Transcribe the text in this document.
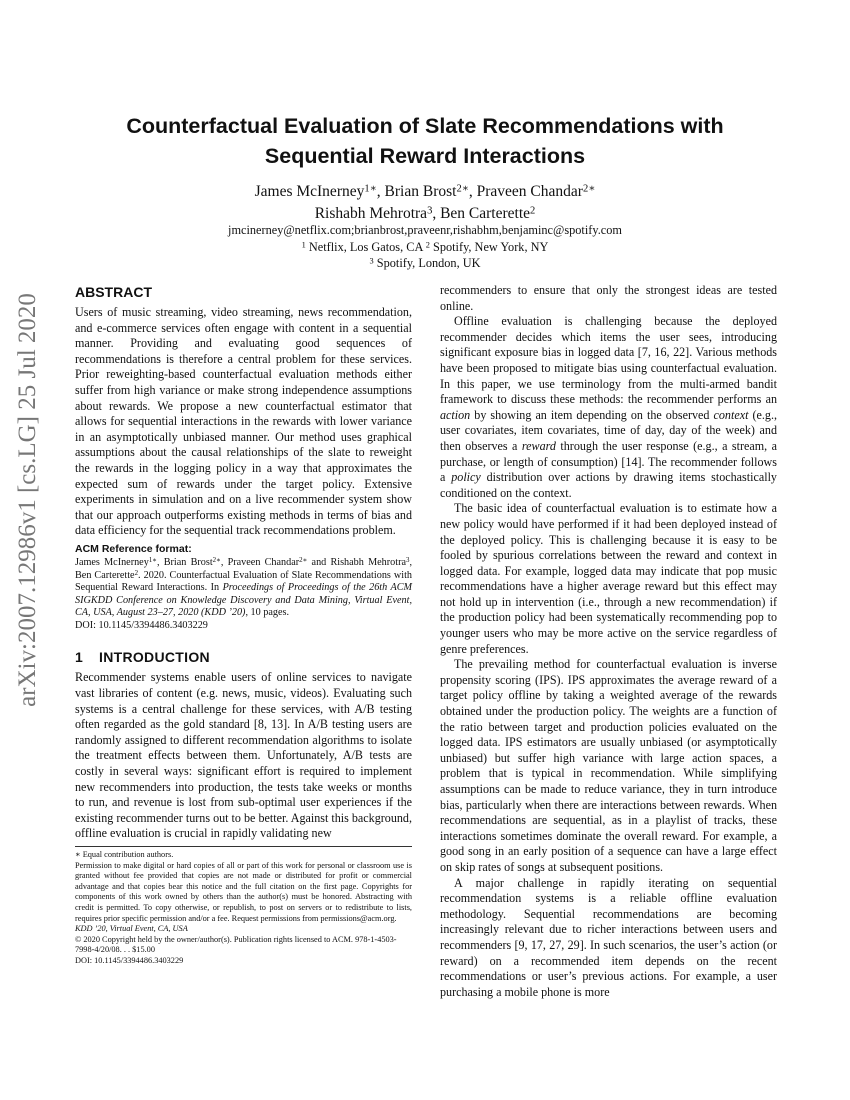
arXiv:2007.12986v1 [cs.LG] 25 Jul 2020
Counterfactual Evaluation of Slate Recommendations with
Sequential Reward Interactions
James McInerney$^{1∗}$, Brian Brost$^{2∗}$, Praveen Chandar$^{2∗}$
Rishabh Mehrotra$^3$, Ben Carterette$^2$
jmcinerney@netflix.com;brianbrost,praveenr,rishabhm,benjaminc@spotify.com
$^1$ Netflix, Los Gatos, CA $^2$ Spotify, New York, NY
$^3$ Spotify, London, UK
ABSTRACT

Users of music streaming, video streaming, news recommendation, and e-commerce services often engage with content in a sequential manner. Providing and evaluating good sequences of recommendations is therefore a central problem for these services. Prior reweighting-based counterfactual evaluation methods either suffer from high variance or make strong independence assumptions about rewards. We propose a new counterfactual estimator that allows for sequential interactions in the rewards with lower variance in an asymptotically unbiased manner. Our method uses graphical assumptions about the causal relationships of the slate to reweight the rewards in the logging policy in a way that approximates the expected sum of rewards under the target policy. Extensive experiments in simulation and on a live recommender system show that our approach outperforms existing methods in terms of bias and data efficiency for the sequential track recommendations problem.

ACM Reference format:

James McInerney$^{1∗}$, Brian Brost$^{2∗}$, Praveen Chandar$^{2∗}$ and Rishabh Mehrotra$^3$, Ben Carterette$^2$. 2020. Counterfactual Evaluation of Slate Recommendations with Sequential Reward Interactions. In Proceedings of Proceedings of the 26th ACM SIGKDD Conference on Knowledge Discovery and Data Mining, Virtual Event, CA, USA, August 23–27, 2020 (KDD ’20), 10 pages.

DOI: 10.1145/3394486.3403229

1 INTRODUCTION

Recommender systems enable users of online services to navigate vast libraries of content (e.g. news, music, videos). Evaluating such systems is a central challenge for these services, with A/B testing often regarded as the gold standard [8, 13]. In A/B testing users are randomly assigned to different recommendation algorithms to isolate the treatment effects between them. Unfortunately, A/B tests are costly in several ways: significant effort is required to implement new recommenders into production, the tests take weeks or months to run, and revenue is lost from sub-optimal user experiences if the existing recommender turns out to be better. Against this background, offline evaluation is crucial in rapidly validating new

∗ Equal contribution authors.

Permission to make digital or hard copies of all or part of this work for personal or classroom use is granted without fee provided that copies are not made or distributed for profit or commercial advantage and that copies bear this notice and the full citation on the first page. Copyrights for components of this work owned by others than the author(s) must be honored. Abstracting with credit is permitted. To copy otherwise, or republish, to post on servers or to redistribute to lists, requires prior specific permission and/or a fee. Request permissions from permissions@acm.org.

KDD ’20, Virtual Event, CA, USA

© 2020 Copyright held by the owner/author(s). Publication rights licensed to ACM. 978-1-4503-7998-4/20/08. . . $15.00

DOI: 10.1145/3394486.3403229

recommenders to ensure that only the strongest ideas are tested online.

Offline evaluation is challenging because the deployed recommender decides which items the user sees, introducing significant exposure bias in logged data [7, 16, 22]. Various methods have been proposed to mitigate bias using counterfactual evaluation. In this paper, we use terminology from the multi-armed bandit framework to discuss these methods: the recommender performs an action by showing an item depending on the observed context (e.g., user covariates, item covariates, time of day, day of the week) and then observes a reward through the user response (e.g., a stream, a purchase, or length of consumption) [14]. The recommender follows a policy distribution over actions by drawing items stochastically conditioned on the context.

The basic idea of counterfactual evaluation is to estimate how a new policy would have performed if it had been deployed instead of the deployed policy. This is challenging because it is easy to be fooled by spurious correlations between the reward and context in logged data. For example, logged data may indicate that pop music recommendations have a higher average reward but this effect may not hold up in intervention (i.e., through a new recommendation) if the production policy had been systematically recommending pop to younger users who may be more active on the service regardless of genre preferences.

The prevailing method for counterfactual evaluation is inverse propensity scoring (IPS). IPS approximates the average reward of a target policy offline by taking a weighted average of the rewards obtained under the production policy. The weights are a function of the ratio between target and production policies evaluated on the logged data. IPS estimators are usually unbiased (or asymptotically unbiased) but suffer high variance with large action spaces, a problem that is typical in recommendation. While simplifying assumptions can be made to reduce variance, they in turn introduce bias, particularly when there are interactions between rewards. When recommendations are sequential, as in a playlist of tracks, these interactions sometimes dominate the overall reward. For example, a good song in an early position of a sequence can have a large effect on skip rates of songs at subsequent positions.

A major challenge in rapidly iterating on sequential recommendation systems is a reliable offline evaluation methodology. Sequential recommendations are becoming increasingly relevant due to richer interactions between users and recommenders [9, 17, 27, 29]. In such scenarios, the user’s action (or reward) on a recommended item depends on the recent recommendations or user’s previous actions. For example, a user purchasing a mobile phone is more
